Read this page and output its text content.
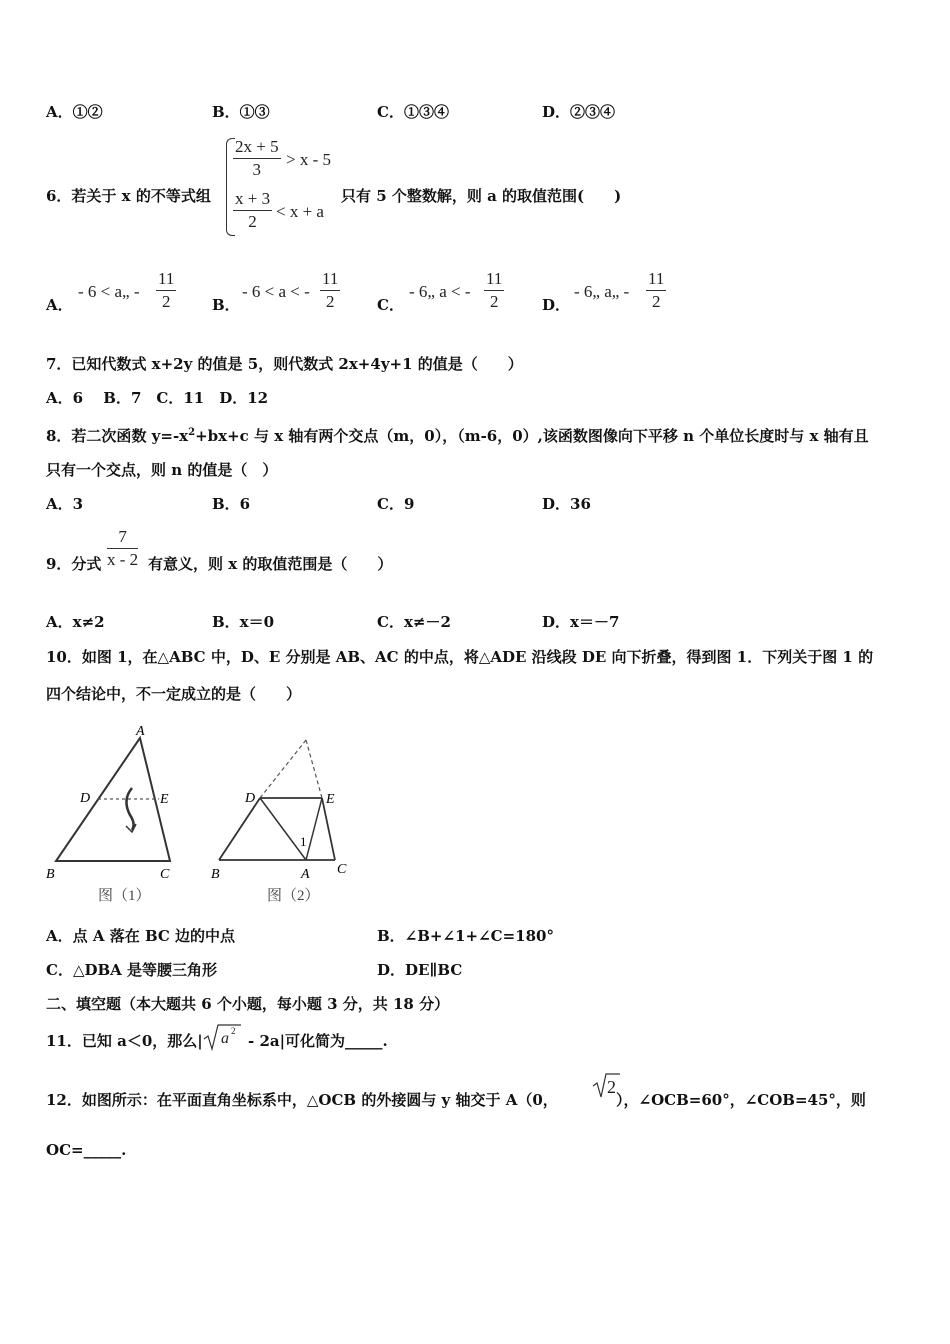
A．①②	B．①③	C．①③④	D．②③④
6．若关于 x 的不等式组
$\frac{2x + 5}{3} > x - 5$
$\frac{x + 3}{2} < x + a$
只有 5 个整数解，则 a 的取值范围(　　)
A．
- 6 < a„ - $\frac{11}{2}$ B．
- 6 < a < - $\frac{11}{2}$ C．
- 6„ a < - $\frac{11}{2}$	D．
- 6„ a„ - $\frac{11}{2}$
7．已知代数式 x+2y 的值是 5，则代数式 2x+4y+1 的值是（　　）
A．6　 B．7　C．11　D．12
8．若二次函数 $y=-x^2+bx+c$ 与 x 轴有两个交点（m，0），（m-6，0）,该函数图像向下平移 n 个单位长度时与 x 轴有且
只有一个交点，则 n 的值是（　）
A．3	B．6	C．9	D．36
9．分式 $\frac{7}{x - 2}$ 有意义，则 x 的取值范围是（　　）
A．x≠2	B．x＝0	C．x≠－2	D．x＝－7
10．如图 1，在△ABC 中，D、E 分别是 AB、AC 的中点，将△ADE 沿线段 DE 向下折叠，得到图 1．下列关于图 1 的
四个结论中，不一定成立的是（　　）
A
D	E
B	C
图（1）
D	E
1
B	A C
图（2）
A．点 A 落在 BC 边的中点	B．∠B+∠1+∠C=180°
C．△DBA 是等腰三角形	D．DE∥BC
二、填空题（本大题共 6 个小题，每小题 3 分，共 18 分）
11．已知 a＜0，那么| a 2
- 2a|可化简为_____.
12．如图所示：在平面直角坐标系中，△OCB 的外接圆与 y 轴交于 A（0，
2
），∠OCB=60°，∠COB=45°，则
OC=_____.
